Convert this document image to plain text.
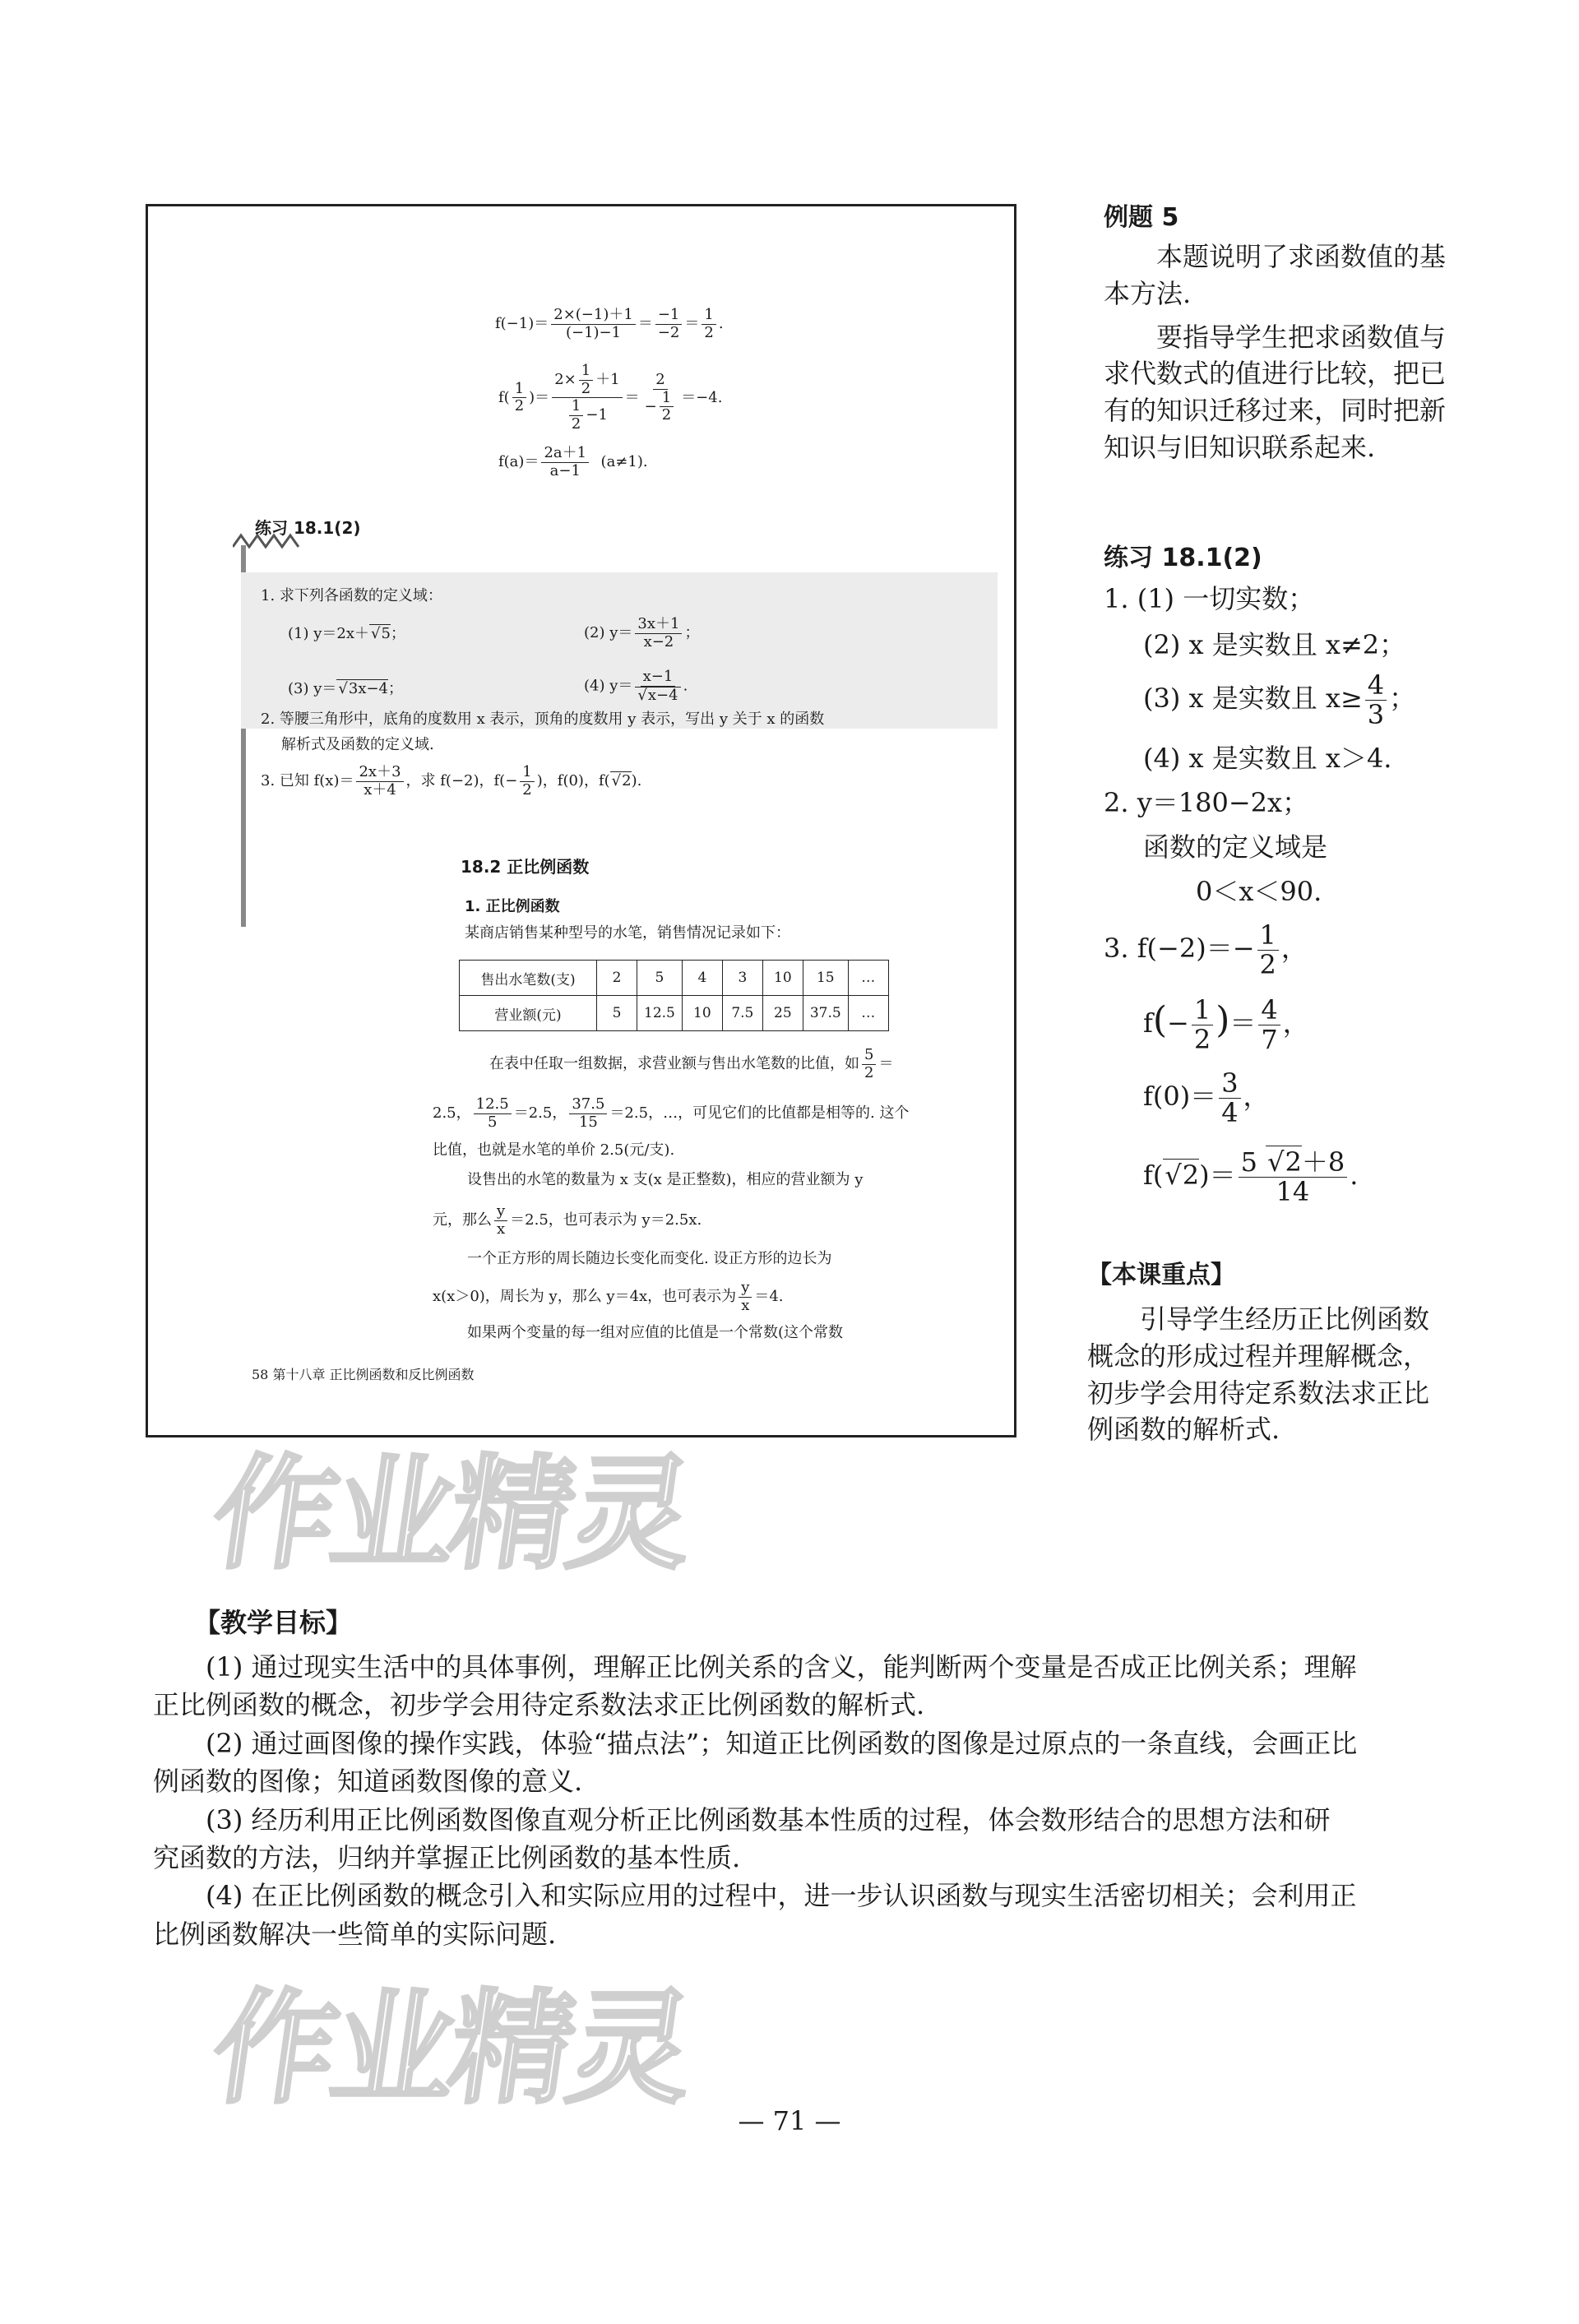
$f(-1)= \frac{2\times(-1)+1}{(-1)-1} = \frac{-1}{-2} = \frac{1}{2}$ .
$f( \frac{1}{2}$ )＝ $\frac{2\times \frac{1}{2} +1}{\frac{1}{2} -1} = \frac{2}{- \frac{1}{2}} =-4$.
$f(a)= \frac{2a+1}{a-1} (a\ne 1)$.
练习 18.1(2)
1. 求下列各函数的定义域：
(1) y＝2x＋ √ 5；	(2) $y= \frac{3x+1}{x-2}$ ；
(3) y＝ √ 3x−4；	(4) y＝ x−1
√ x−4 .
2. 等腰三角形中，底角的度数用 x 表示，顶角的度数用 y 表示，写出 y 关于 x 的函数
解析式及函数的定义域.
3. 已知 $f(x)= \frac{2x+3}{x+4}$ ，求 f(−2)，$f(- \frac{1}{2}$ )，f(0)，f( √ 2).
18.2 正比例函数
1. 正比例函数
某商店销售某种型号的水笔，销售情况记录如下：
售出水笔数(支)	2	5	4	3	10	15	…
营业额(元)	5	12.5	10	7.5	25	37.5	…
在表中任取一组数据，求营业额与售出水笔数的比值，如 $\frac{5}{2}$ ＝
2.5， $\frac{12.5}{5} =2.5$， $\frac{37.5}{15} =2.5$，…，可见它们的比值都是相等的. 这个
比值，也就是水笔的单价 2.5(元/支).
设售出的水笔的数量为 x 支(x 是正整数)，相应的营业额为 y
元，那么 $\frac{y}{x} =2.5$，也可表示为 y＝2.5x.
一个正方形的周长随边长变化而变化. 设正方形的边长为
x(x＞0)，周长为 y，那么 y＝4x，也可表示为 $\frac{y}{x} =4$.
如果两个变量的每一组对应值的比值是一个常数(这个常数
58 第十八章 正比例函数和反比例函数
例题 5
本题说明了求函数值的基
本方法.
要指导学生把求函数值与
求代数式的值进行比较，把已
有的知识迁移过来，同时把新
知识与旧知识联系起来.
练习 18.1(2)
1. (1) 一切实数；
(2) x 是实数且 x≠2；
(3) x 是实数且 $x\ge \frac{4}{3}$ ；
(4) x 是实数且 x＞4.
2. y＝180−2x；
函数的定义域是
0＜x＜90.
3. $f(-2)=- \frac{1}{2}$ ，
$f(- \frac{1}{2}$ )＝ $\frac{4}{7}$ ，
$f(0)= \frac{3}{4}$ ，
f( √ $2)= \frac{5 √ 2+8}{14}$ .
【本课重点】
引导学生经历正比例函数
概念的形成过程并理解概念，
初步学会用待定系数法求正比
例函数的解析式.
作业精灵
【教学目标】
(1) 通过现实生活中的具体事例，理解正比例关系的含义，能判断两个变量是否成正比例关系；理解
正比例函数的概念，初步学会用待定系数法求正比例函数的解析式.
(2) 通过画图像的操作实践，体验“描点法”；知道正比例函数的图像是过原点的一条直线，会画正比
例函数的图像；知道函数图像的意义.
(3) 经历利用正比例函数图像直观分析正比例函数基本性质的过程，体会数形结合的思想方法和研
究函数的方法，归纳并掌握正比例函数的基本性质.
(4) 在正比例函数的概念引入和实际应用的过程中，进一步认识函数与现实生活密切相关；会利用正
比例函数解决一些简单的实际问题.
作业精灵	— 71 —
